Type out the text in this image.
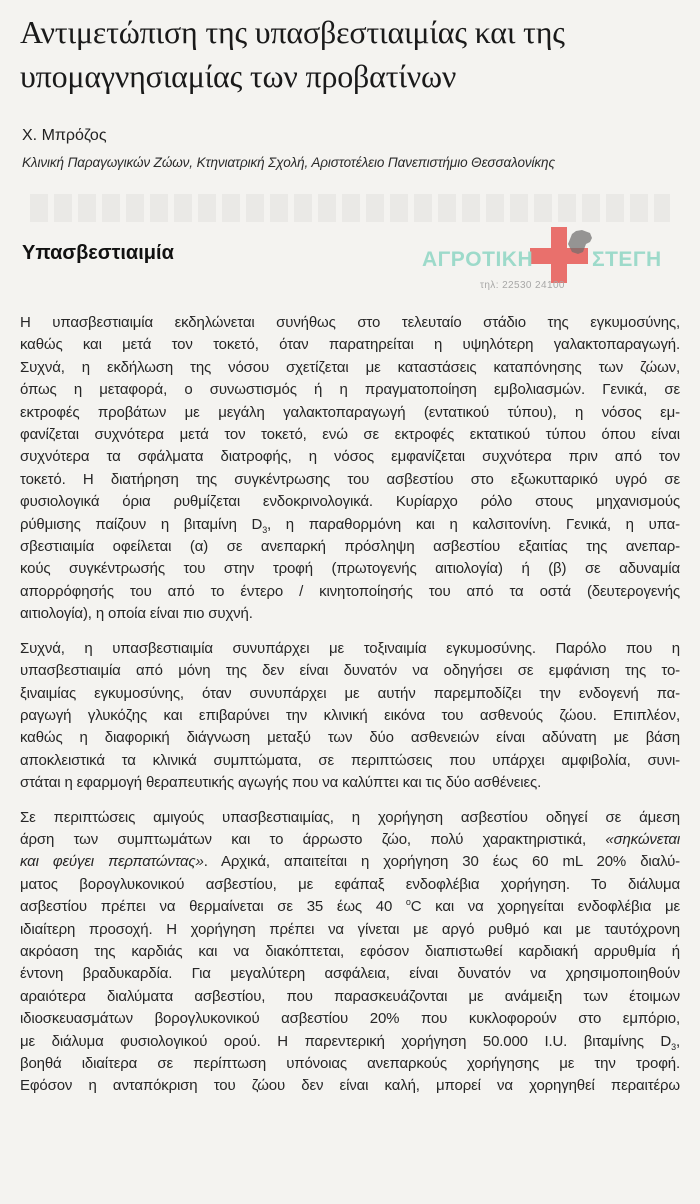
Αντιμετώπιση της υπασβεστιαιμίας και της
υπομαγνησιαμίας των προβατίνων
Χ. Μπρόζος
Κλινική Παραγωγικών Ζώων, Κτηνιατρική Σχολή, Αριστοτέλειο Πανεπιστήμιο Θεσσαλονίκης
Υπασβεστιαιμία	ΑΓΡΟΤΙΚΗ	ΣΤΕΓΗ
τηλ: 22530 24100

Η υπασβεστιαιμία εκδηλώνεται συνήθως στο τελευταίο στάδιο της εγκυμοσύνης,
καθώς και μετά τον τοκετό, όταν παρατηρείται η υψηλότερη γαλακτοπαραγωγή.
Συχνά, η εκδήλωση της νόσου σχετίζεται με καταστάσεις καταπόνησης των ζώων,
όπως η μεταφορά, ο συνωστισμός ή η πραγματοποίηση εμβολιασμών. Γενικά, σε
εκτροφές προβάτων με μεγάλη γαλακτοπαραγωγή (εντατικού τύπου), η νόσος εμ-
φανίζεται συχνότερα μετά τον τοκετό, ενώ σε εκτροφές εκτατικού τύπου όπου είναι
συχνότερα τα σφάλματα διατροφής, η νόσος εμφανίζεται συχνότερα πριν από τον
τοκετό. Η διατήρηση της συγκέντρωσης του ασβεστίου στο εξωκυτταρικό υγρό σε
φυσιολογικά όρια ρυθμίζεται ενδοκρινολογικά. Κυρίαρχο ρόλο στους μηχανισμούς
ρύθμισης παίζουν η βιταμίνη $D_3$, η παραθορμόνη και η καλσιτονίνη. Γενικά, η υπα-
σβεστιαιμία οφείλεται (α) σε ανεπαρκή πρόσληψη ασβεστίου εξαιτίας της ανεπαρ-
κούς συγκέντρωσής του στην τροφή (πρωτογενής αιτιολογία) ή (β) σε αδυναμία
απορρόφησής του από το έντερο / κινητοποίησής του από τα οστά (δευτερογενής
αιτιολογία), η οποία είναι πιο συχνή.

Συχνά, η υπασβεστιαιμία συνυπάρχει με τοξιναιμία εγκυμοσύνης. Παρόλο που η
υπασβεστιαιμία από μόνη της δεν είναι δυνατόν να οδηγήσει σε εμφάνιση της το-
ξιναιμίας εγκυμοσύνης, όταν συνυπάρχει με αυτήν παρεμποδίζει την ενδογενή πα-
ραγωγή γλυκόζης και επιβαρύνει την κλινική εικόνα του ασθενούς ζώου. Επιπλέον,
καθώς η διαφορική διάγνωση μεταξύ των δύο ασθενειών είναι αδύνατη με βάση
αποκλειστικά τα κλινικά συμπτώματα, σε περιπτώσεις που υπάρχει αμφιβολία, συνι-
στάται η εφαρμογή θεραπευτικής αγωγής που να καλύπτει και τις δύο ασθένειες.

Σε περιπτώσεις αμιγούς υπασβεστιαιμίας, η χορήγηση ασβεστίου οδηγεί σε άμεση
άρση των συμπτωμάτων και το άρρωστο ζώο, πολύ χαρακτηριστικά, «σηκώνεται
και φεύγει περπατώντας». Αρχικά, απαιτείται η χορήγηση 30 έως 60 mL 20% διαλύ-
ματος βορογλυκονικού ασβεστίου, με εφάπαξ ενδοφλέβια χορήγηση. Το διάλυμα
ασβεστίου πρέπει να θερμαίνεται σε 35 έως 40 $^o$C και να χορηγείται ενδοφλέβια με
ιδιαίτερη προσοχή. Η χορήγηση πρέπει να γίνεται με αργό ρυθμό και με ταυτόχρονη
ακρόαση της καρδιάς και να διακόπτεται, εφόσον διαπιστωθεί καρδιακή αρρυθμία ή
έντονη βραδυκαρδία. Για μεγαλύτερη ασφάλεια, είναι δυνατόν να χρησιμοποιηθούν
αραιότερα διαλύματα ασβεστίου, που παρασκευάζονται με ανάμειξη των έτοιμων
ιδιοσκευασμάτων βορογλυκονικού ασβεστίου 20% που κυκλοφορούν στο εμπόριο,
με διάλυμα φυσιολογικού ορού. Η παρεντερική χορήγηση 50.000 I.U. βιταμίνης $D_3$,
βοηθά ιδιαίτερα σε περίπτωση υπόνοιας ανεπαρκούς χορήγησης με την τροφή.
Εφόσον η ανταπόκριση του ζώου δεν είναι καλή, μπορεί να χορηγηθεί περαιτέρω
